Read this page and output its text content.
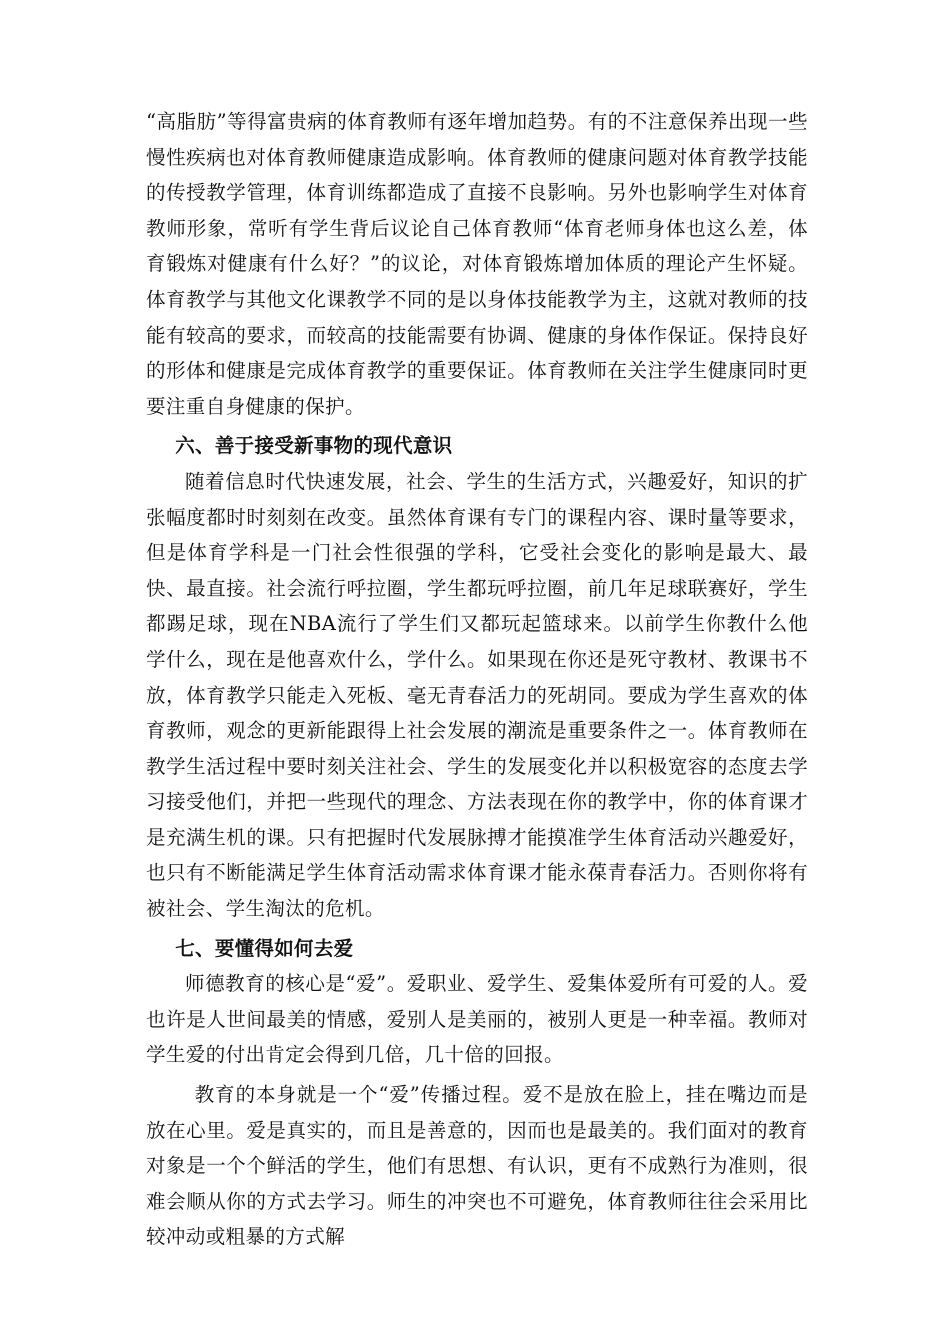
“高脂肪”等得富贵病的体育教师有逐年增加趋势。有的不注意保养出现一些慢性疾病也对体育教师健康造成影响。体育教师的健康问题对体育教学技能的传授教学管理，体育训练都造成了直接不良影响。另外也影响学生对体育教师形象，常听有学生背后议论自己体育教师“体育老师身体也这么差，体育锻炼对健康有什么好？”的议论，对体育锻炼增加体质的理论产生怀疑。体育教学与其他文化课教学不同的是以身体技能教学为主，这就对教师的技能有较高的要求，而较高的技能需要有协调、健康的身体作保证。保持良好的形体和健康是完成体育教学的重要保证。体育教师在关注学生健康同时更要注重自身健康的保护。

六、善于接受新事物的现代意识

随着信息时代快速发展，社会、学生的生活方式，兴趣爱好，知识的扩张幅度都时时刻刻在改变。虽然体育课有专门的课程内容、课时量等要求，但是体育学科是一门社会性很强的学科，它受社会变化的影响是最大、最快、最直接。社会流行呼拉圈，学生都玩呼拉圈，前几年足球联赛好，学生都踢足球，现在NBA流行了学生们又都玩起篮球来。以前学生你教什么他学什么，现在是他喜欢什么，学什么。如果现在你还是死守教材、教课书不放，体育教学只能走入死板、毫无青春活力的死胡同。要成为学生喜欢的体育教师，观念的更新能跟得上社会发展的潮流是重要条件之一。体育教师在教学生活过程中要时刻关注社会、学生的发展变化并以积极宽容的态度去学习接受他们，并把一些现代的理念、方法表现在你的教学中，你的体育课才是充满生机的课。只有把握时代发展脉搏才能摸准学生体育活动兴趣爱好，也只有不断能满足学生体育活动需求体育课才能永葆青春活力。否则你将有被社会、学生淘汰的危机。

七、要懂得如何去爱

师德教育的核心是“爱”。爱职业、爱学生、爱集体爱所有可爱的人。爱也许是人世间最美的情感，爱别人是美丽的，被别人更是一种幸福。教师对学生爱的付出肯定会得到几倍，几十倍的回报。

教育的本身就是一个“爱”传播过程。爱不是放在脸上，挂在嘴边而是放在心里。爱是真实的，而且是善意的，因而也是最美的。我们面对的教育对象是一个个鲜活的学生，他们有思想、有认识，更有不成熟行为准则，很难会顺从你的方式去学习。师生的冲突也不可避免，体育教师往往会采用比较冲动或粗暴的方式解
